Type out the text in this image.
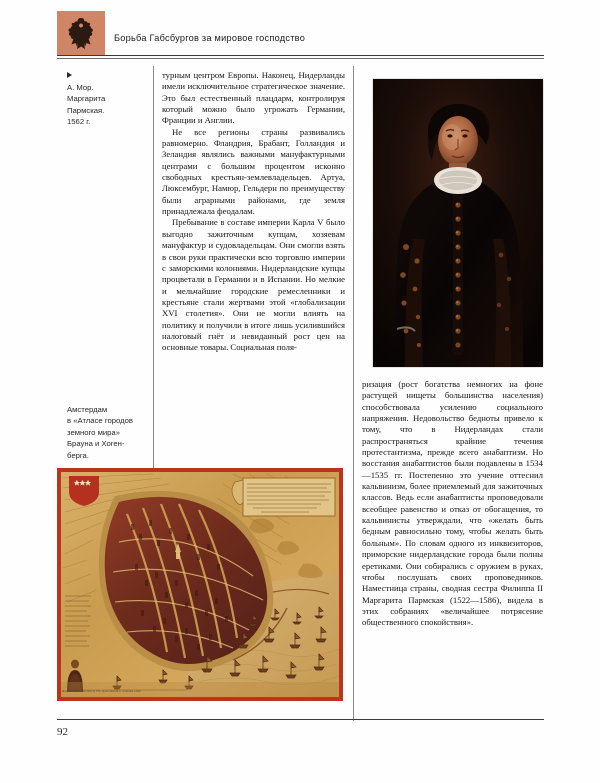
Борьба Габсбургов за мировое господство
А. Мор.
Маргарита
Пармская.
1562 г.
Амстердам
в «Атласе городов
земного мира»
Брауна и Хоген-
берга.

турным центром Европы. Наконец, Нидерланды имели исключительное стратегическое значение. Это был естественный плацдарм, контролируя который можно было угрожать Германии, Франции и Англии.

Не все регионы страны развивались равномерно. Фландрия, Брабант, Голландия и Зеландия являлись важными мануфактурными центрами с большим процентом исконно свободных крестьян-землевладельцев. Артуа, Люксембург, Намюр, Гельдерн по преимуществу были аграрными районами, где земля принадлежала феодалам.

Пребывание в составе империи Карла V было выгодно зажиточным купцам, хозяевам мануфактур и судовладельцам. Они смогли взять в свои руки практически всю торговлю империи с заморскими колониями. Нидерландские купцы процветали в Германии и в Испании. Но мелкие и мельчайшие городские ремесленники и крестьяне стали жертвами этой «глобализации XVI столетия». Они не могли влиять на политику и получили в итоге лишь усилившийся налоговый гнёт и невиданный рост цен на основные товары. Социальная поля-

ризация (рост богатства немногих на фоне растущей нищеты большинства населения) способствовала усилению социального напряжения. Недовольство бедноты привело к тому, что в Нидерландах стали распространяться крайние течения протестантизма, прежде всего анабаптизм. Но восстания анабаптистов были подавлены в 1534—1535 гг. Постепенно это учение оттеснил кальвинизм, более приемлемый для зажиточных классов. Ведь если анабаптисты проповедовали всеобщее равенство и отказ от обогащения, то кальвинисты утверждали, что «желать быть бедным равносильно тому, чтобы желать быть больным». По словам одного из инквизиторов, приморские нидерландские города были полны еретиками. Они собирались с оружием в руках, чтобы послушать своих проповедников. Наместница страны, сводная сестра Филиппа II Маргарита Пармская (1522—1586), видела в этих собраниях «величайшее потрясение общественного спокойствия».

Mire Cornelis of Erronim & The Jesuit Novum A. Colonius Liberi
92
